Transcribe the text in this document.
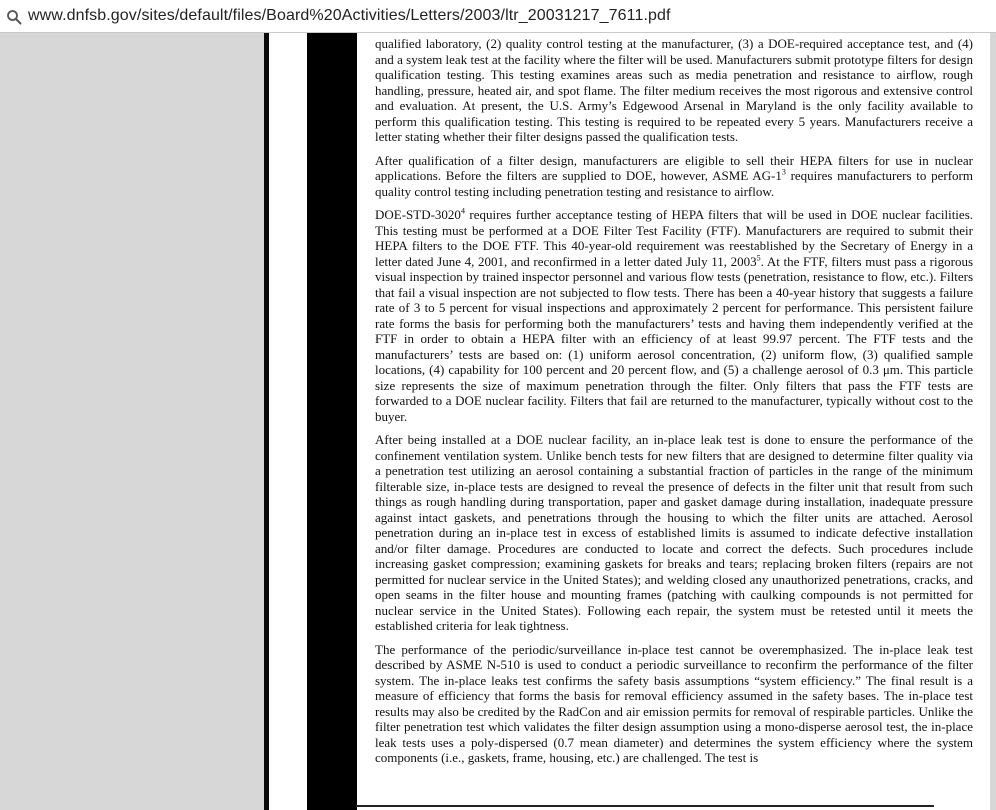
www.dnfsb.gov/sites/default/files/Board%20Activities/Letters/2003/ltr_20031217_7611.pdf

qualified laboratory, (2) quality control testing at the manufacturer, (3) a DOE-required acceptance test, and (4) and a system leak test at the facility where the filter will be used. Manufacturers submit prototype filters for design qualification testing. This testing examines areas such as media penetration and resistance to airflow, rough handling, pressure, heated air, and spot flame. The filter medium receives the most rigorous and extensive control and evaluation. At present, the U.S. Army’s Edgewood Arsenal in Maryland is the only facility available to perform this qualification testing. This testing is required to be repeated every 5 years. Manufacturers receive a letter stating whether their filter designs passed the qualification tests.

After qualification of a filter design, manufacturers are eligible to sell their HEPA filters for use in nuclear applications. Before the filters are supplied to DOE, however, ASME $AG-1^3$ requires manufacturers to perform quality control testing including penetration testing and resistance to airflow.

DOE-STD-3020$^4$ requires further acceptance testing of HEPA filters that will be used in DOE nuclear facilities. This testing must be performed at a DOE Filter Test Facility (FTF). Manufacturers are required to submit their HEPA filters to the DOE FTF. This 40-year-old requirement was reestablished by the Secretary of Energy in a letter dated June 4, 2001, and reconfirmed in a letter dated July 11, 2003$^5$. At the FTF, filters must pass a rigorous visual inspection by trained inspector personnel and various flow tests (penetration, resistance to flow, etc.). Filters that fail a visual inspection are not subjected to flow tests. There has been a 40-year history that suggests a failure rate of 3 to 5 percent for visual inspections and approximately 2 percent for performance. This persistent failure rate forms the basis for performing both the manufacturers’ tests and having them independently verified at the FTF in order to obtain a HEPA filter with an efficiency of at least 99.97 percent. The FTF tests and the manufacturers’ tests are based on: (1) uniform aerosol concentration, (2) uniform flow, (3) qualified sample locations, (4) capability for 100 percent and 20 percent flow, and (5) a challenge aerosol of 0.3 μm. This particle size represents the size of maximum penetration through the filter. Only filters that pass the FTF tests are forwarded to a DOE nuclear facility. Filters that fail are returned to the manufacturer, typically without cost to the buyer.

After being installed at a DOE nuclear facility, an in-place leak test is done to ensure the performance of the confinement ventilation system. Unlike bench tests for new filters that are designed to determine filter quality via a penetration test utilizing an aerosol containing a substantial fraction of particles in the range of the minimum filterable size, in-place tests are designed to reveal the presence of defects in the filter unit that result from such things as rough handling during transportation, paper and gasket damage during installation, inadequate pressure against intact gaskets, and penetrations through the housing to which the filter units are attached. Aerosol penetration during an in-place test in excess of established limits is assumed to indicate defective installation and/or filter damage. Procedures are conducted to locate and correct the defects. Such procedures include increasing gasket compression; examining gaskets for breaks and tears; replacing broken filters (repairs are not permitted for nuclear service in the United States); and welding closed any unauthorized penetrations, cracks, and open seams in the filter house and mounting frames (patching with caulking compounds is not permitted for nuclear service in the United States). Following each repair, the system must be retested until it meets the established criteria for leak tightness.

The performance of the periodic/surveillance in-place test cannot be overemphasized. The in-place leak test described by ASME N-510 is used to conduct a periodic surveillance to reconfirm the performance of the filter system. The in-place leaks test confirms the safety basis assumptions “system efficiency.” The final result is a measure of efficiency that forms the basis for removal efficiency assumed in the safety bases. The in-place test results may also be credited by the RadCon and air emission permits for removal of respirable particles. Unlike the filter penetration test which validates the filter design assumption using a mono-disperse aerosol test, the in-place leak tests uses a poly-dispersed (0.7 mean diameter) and determines the system efficiency where the system components (i.e., gaskets, frame, housing, etc.) are challenged. The test is
